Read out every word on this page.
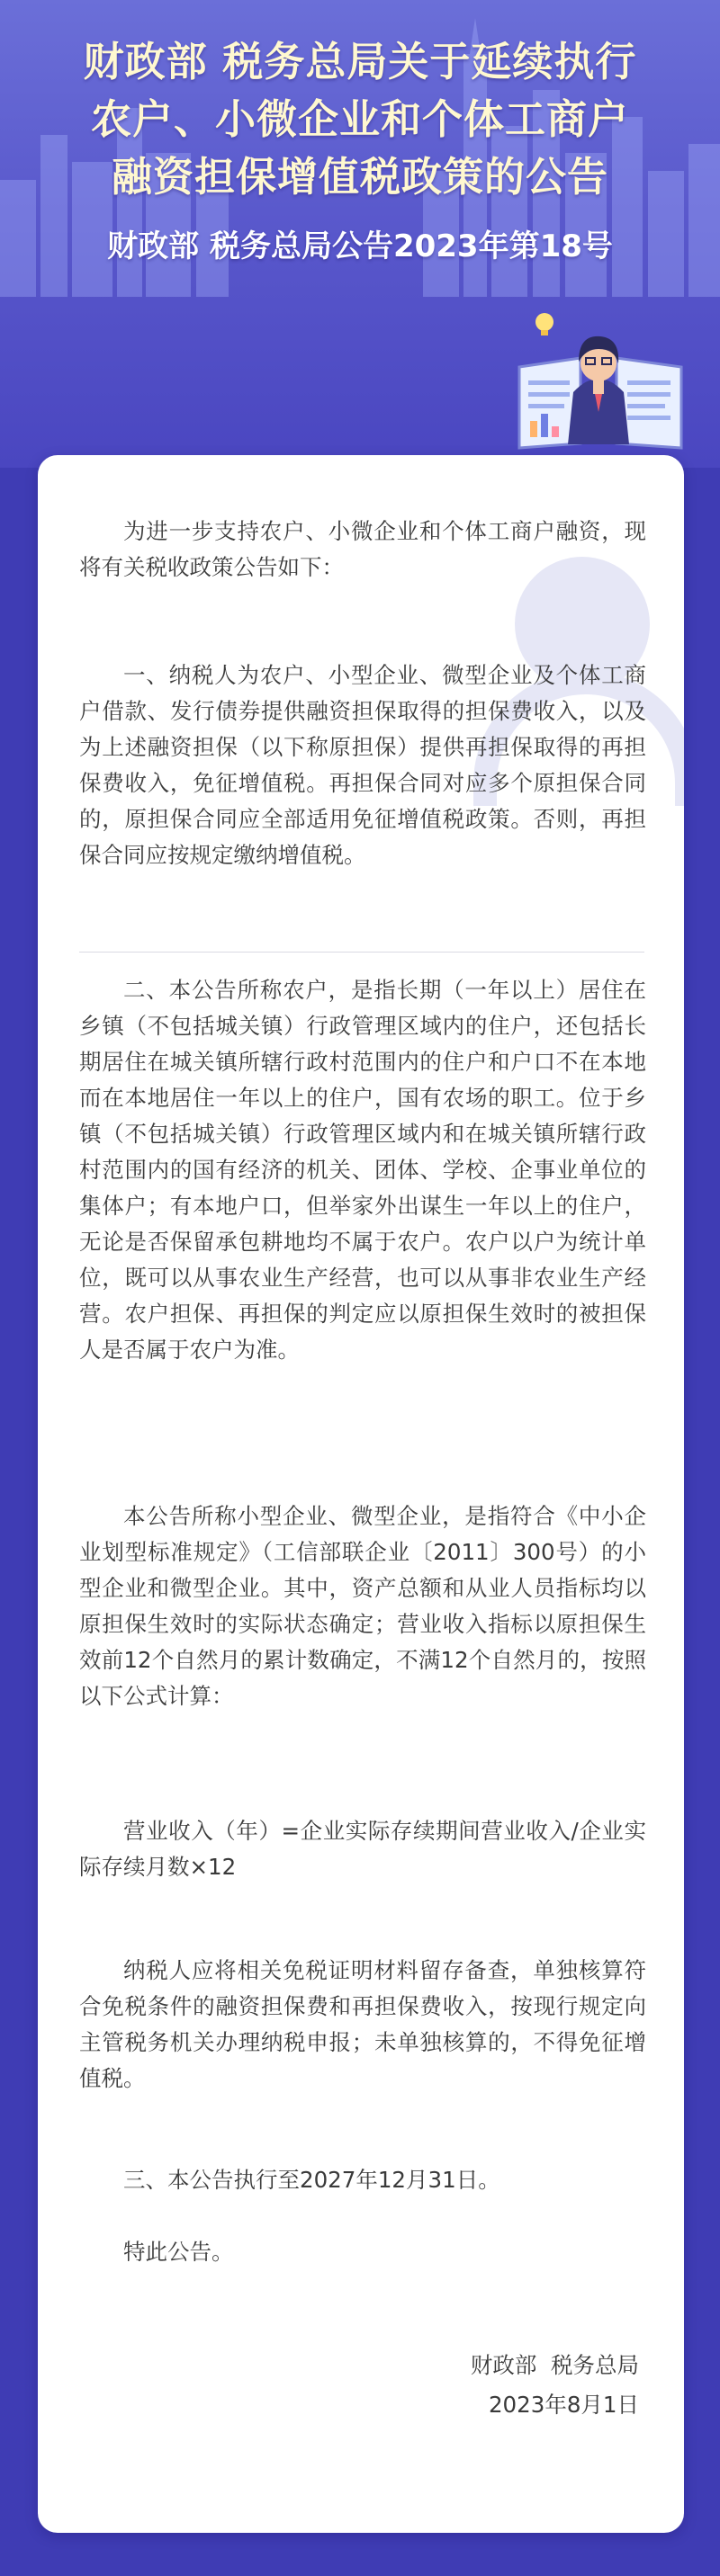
财政部 税务总局关于延续执行
农户、小微企业和个体工商户
融资担保增值税政策的公告
财政部 税务总局公告2023年第18号

为进一步支持农户、小微企业和个体工商户融资，现将有关税收政策公告如下：

一、纳税人为农户、小型企业、微型企业及个体工商户借款、发行债券提供融资担保取得的担保费收入，以及为上述融资担保（以下称原担保）提供再担保取得的再担保费收入，免征增值税。再担保合同对应多个原担保合同的，原担保合同应全部适用免征增值税政策。否则，再担保合同应按规定缴纳增值税。

二、本公告所称农户，是指长期（一年以上）居住在乡镇（不包括城关镇）行政管理区域内的住户，还包括长期居住在城关镇所辖行政村范围内的住户和户口不在本地而在本地居住一年以上的住户，国有农场的职工。位于乡镇（不包括城关镇）行政管理区域内和在城关镇所辖行政村范围内的国有经济的机关、团体、学校、企事业单位的集体户；有本地户口，但举家外出谋生一年以上的住户，无论是否保留承包耕地均不属于农户。农户以户为统计单位，既可以从事农业生产经营，也可以从事非农业生产经营。农户担保、再担保的判定应以原担保生效时的被担保人是否属于农户为准。

本公告所称小型企业、微型企业，是指符合《中小企业划型标准规定》（工信部联企业〔2011〕300号）的小型企业和微型企业。其中，资产总额和从业人员指标均以原担保生效时的实际状态确定；营业收入指标以原担保生效前12个自然月的累计数确定，不满12个自然月的，按照以下公式计算：

营业收入（年）=企业实际存续期间营业收入/企业实际存续月数×12

纳税人应将相关免税证明材料留存备查，单独核算符合免税条件的融资担保费和再担保费收入，按现行规定向主管税务机关办理纳税申报；未单独核算的，不得免征增值税。

三、本公告执行至2027年12月31日。

特此公告。

财政部  税务总局
2023年8月1日
